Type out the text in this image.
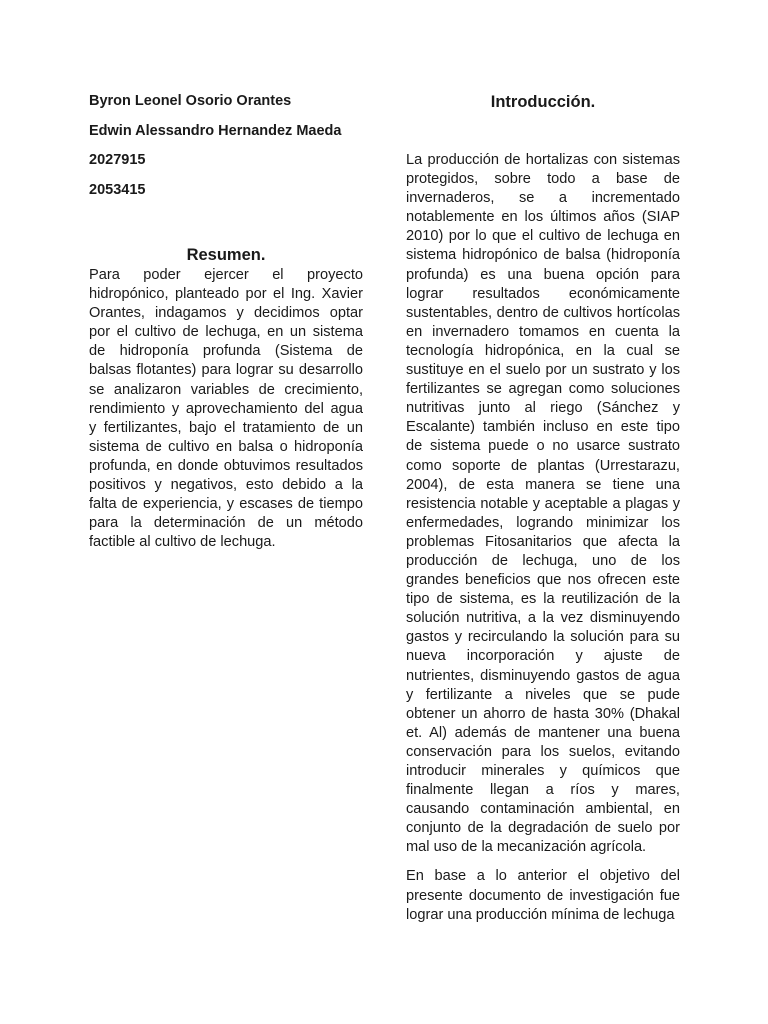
Byron Leonel Osorio Orantes

Edwin Alessandro Hernandez Maeda

2027915

2053415

Resumen.

Para poder ejercer el proyecto hidropónico, planteado por el Ing. Xavier Orantes, indagamos y decidimos optar por el cultivo de lechuga, en un sistema de hidroponía profunda (Sistema de balsas flotantes) para lograr su desarrollo se analizaron variables de crecimiento, rendimiento y aprovechamiento del agua y fertilizantes, bajo el tratamiento de un sistema de cultivo en balsa o hidroponía profunda, en donde obtuvimos resultados positivos y negativos, esto debido a la falta de experiencia, y escases de tiempo para la determinación de un método factible al cultivo de lechuga.

Introducción.

La producción de hortalizas con sistemas protegidos, sobre todo a base de invernaderos, se a incrementado notablemente en los últimos años (SIAP 2010) por lo que el cultivo de lechuga en sistema hidropónico de balsa (hidroponía profunda) es una buena opción para lograr resultados económicamente sustentables, dentro de cultivos hortícolas en invernadero tomamos en cuenta la tecnología hidropónica, en la cual se sustituye en el suelo por un sustrato y los fertilizantes se agregan como soluciones nutritivas junto al riego (Sánchez y Escalante) también incluso en este tipo de sistema puede o no usarce sustrato como soporte de plantas (Urrestarazu, 2004), de esta manera se tiene una resistencia notable y aceptable a plagas y enfermedades, logrando minimizar los problemas Fitosanitarios que afecta la producción de lechuga, uno de los grandes beneficios que nos ofrecen este tipo de sistema, es la reutilización de la solución nutritiva, a la vez disminuyendo gastos y recirculando la solución para su nueva incorporación y ajuste de nutrientes, disminuyendo gastos de agua y fertilizante a niveles que se pude obtener un ahorro de hasta 30% (Dhakal et. Al) además de mantener una buena conservación para los suelos, evitando introducir minerales y químicos que finalmente llegan a ríos y mares, causando contaminación ambiental, en conjunto de la degradación de suelo por mal uso de la mecanización agrícola.

En base a lo anterior el objetivo del presente documento de investigación fue lograr una producción mínima de lechuga
